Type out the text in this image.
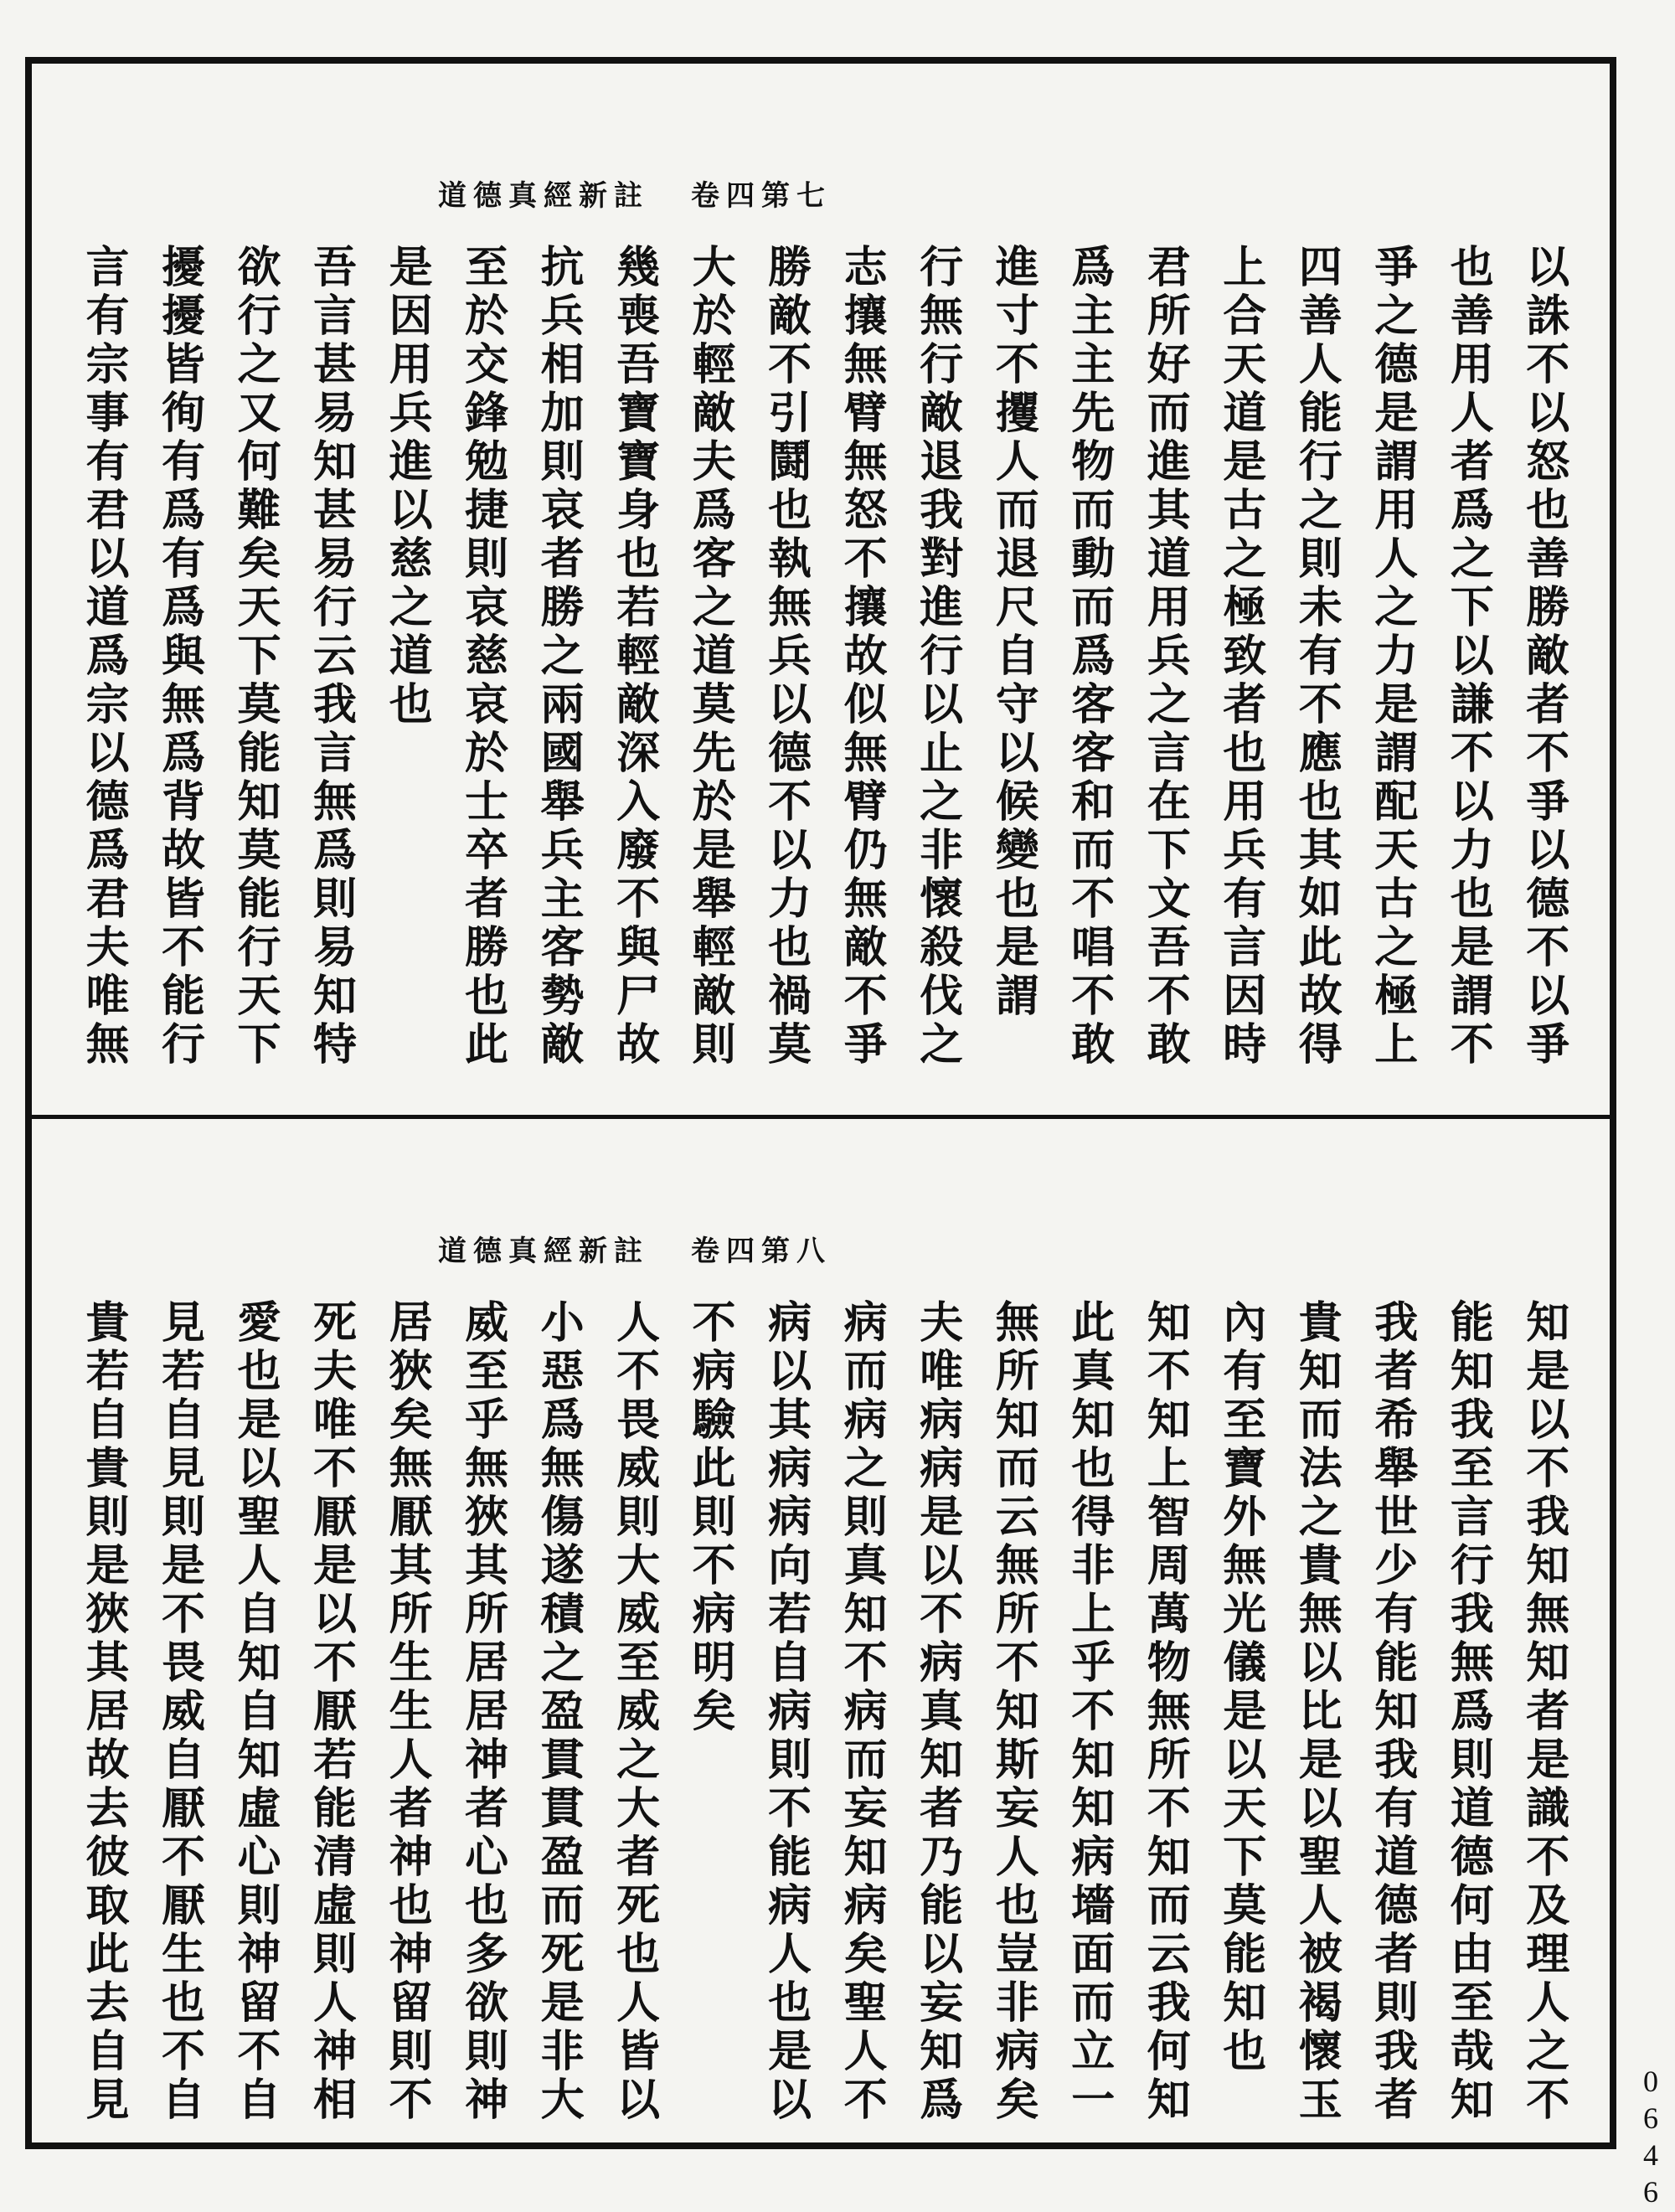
道德真經新註 卷四第七
以誅不以怒也善勝敵者不爭以德不以爭
也善用人者爲之下以謙不以力也是謂不
爭之德是謂用人之力是謂配天古之極上
四善人能行之則未有不應也其如此故得
上合天道是古之極致者也用兵有言因時
君所好而進其道用兵之言在下文吾不敢
爲主主先物而動而爲客客和而不唱不敢
進寸不攫人而退尺自守以候變也是謂
行無行敵退我對進行以止之非懷殺伐之
志攘無臂無怒不攘故似無臂仍無敵不爭
勝敵不引鬪也執無兵以德不以力也禍莫
大於輕敵夫爲客之道莫先於是舉輕敵則
幾喪吾寶寶身也若輕敵深入廢不與尸故
抗兵相加則哀者勝之兩國舉兵主客勢敵
至於交鋒勉捷則哀慈哀於士卒者勝也此
是因用兵進以慈之道也
吾言甚易知甚易行云我言無爲則易知特
欲行之又何難矣天下莫能知莫能行天下
擾擾皆徇有爲有爲與無爲背故皆不能行
言有宗事有君以道爲宗以德爲君夫唯無
道德真經新註 卷四第八
知是以不我知無知者是識不及理人之不
能知我至言行我無爲則道德何由至哉知
我者希舉世少有能知我有道德者則我者
貴知而法之貴無以比是以聖人被褐懷玉
內有至寶外無光儀是以天下莫能知也
知不知上智周萬物無所不知而云我何知
此真知也得非上乎不知知病墻面而立一
無所知而云無所不知斯妄人也豈非病矣
夫唯病病是以不病真知者乃能以妄知爲
病而病之則真知不病而妄知病矣聖人不
病以其病病向若自病則不能病人也是以
不病驗此則不病明矣
人不畏威則大威至威之大者死也人皆以
小惡爲無傷遂積之盈貫貫盈而死是非大
威至乎無狹其所居居神者心也多欲則神
居狹矣無厭其所生生人者神也神留則不
死夫唯不厭是以不厭若能清虛則人神相
愛也是以聖人自知自知虛心則神留不自
見若自見則是不畏威自厭不厭生也不自
貴若自貴則是狹其居故去彼取此去自見
0646
